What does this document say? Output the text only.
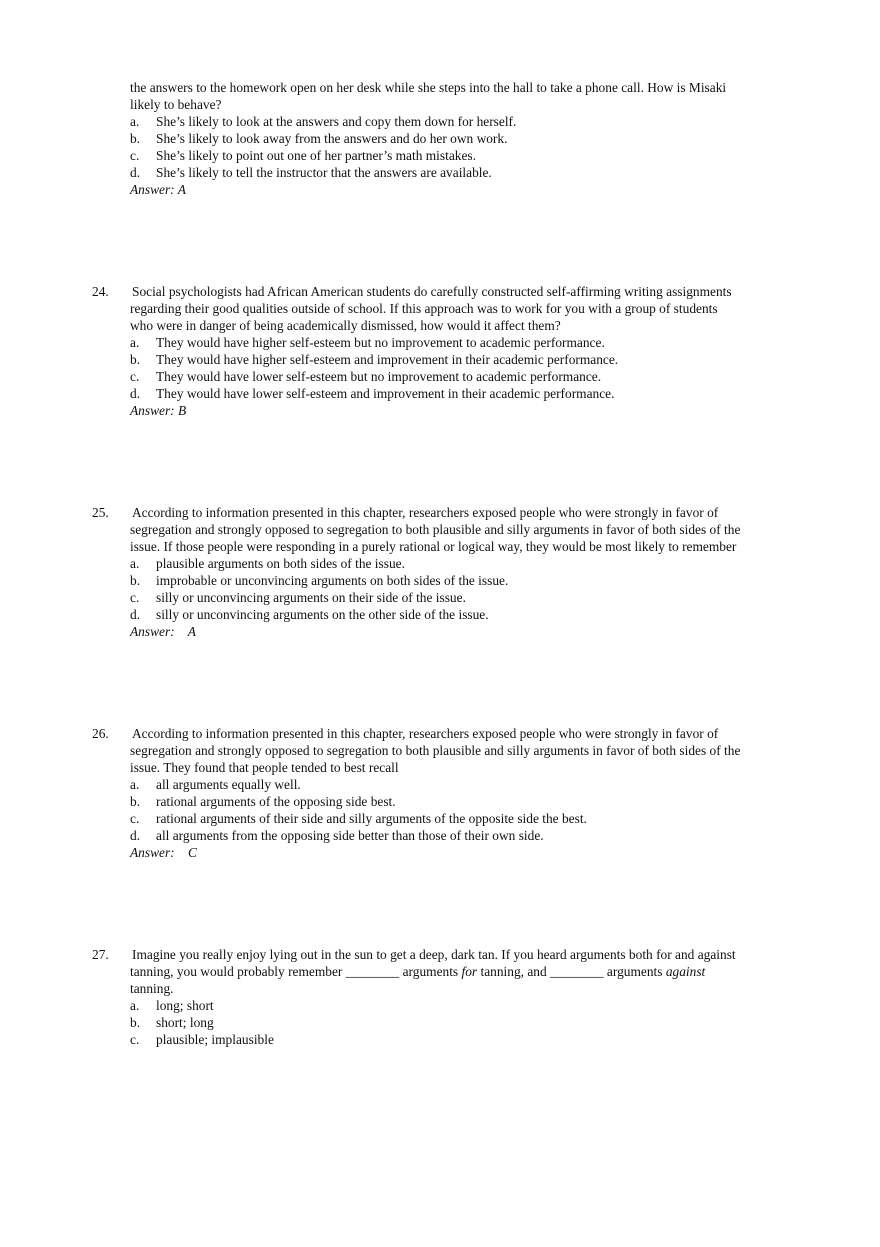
the answers to the homework open on her desk while she steps into the hall to take a phone call. How is Misaki
likely to behave?
a. She’s likely to look at the answers and copy them down for herself.
b. She’s likely to look away from the answers and do her own work.
c. She’s likely to point out one of her partner’s math mistakes.
d. She’s likely to tell the instructor that the answers are available.
Answer: A
24. Social psychologists had African American students do carefully constructed self-affirming writing assignments
regarding their good qualities outside of school. If this approach was to work for you with a group of students
who were in danger of being academically dismissed, how would it affect them?
a. They would have higher self-esteem but no improvement to academic performance.
b. They would have higher self-esteem and improvement in their academic performance.
c. They would have lower self-esteem but no improvement to academic performance.
d. They would have lower self-esteem and improvement in their academic performance.
Answer: B
25. According to information presented in this chapter, researchers exposed people who were strongly in favor of
segregation and strongly opposed to segregation to both plausible and silly arguments in favor of both sides of the
issue. If those people were responding in a purely rational or logical way, they would be most likely to remember
a. plausible arguments on both sides of the issue.
b. improbable or unconvincing arguments on both sides of the issue.
c. silly or unconvincing arguments on their side of the issue.
d. silly or unconvincing arguments on the other side of the issue.
Answer:    A
26. According to information presented in this chapter, researchers exposed people who were strongly in favor of
segregation and strongly opposed to segregation to both plausible and silly arguments in favor of both sides of the
issue. They found that people tended to best recall
a. all arguments equally well.
b. rational arguments of the opposing side best.
c. rational arguments of their side and silly arguments of the opposite side the best.
d. all arguments from the opposing side better than those of their own side.
Answer:    C
27. Imagine you really enjoy lying out in the sun to get a deep, dark tan. If you heard arguments both for and against
tanning, you would probably remember ________ arguments for tanning, and ________ arguments against
tanning.
a. long; short
b. short; long
c. plausible; implausible
